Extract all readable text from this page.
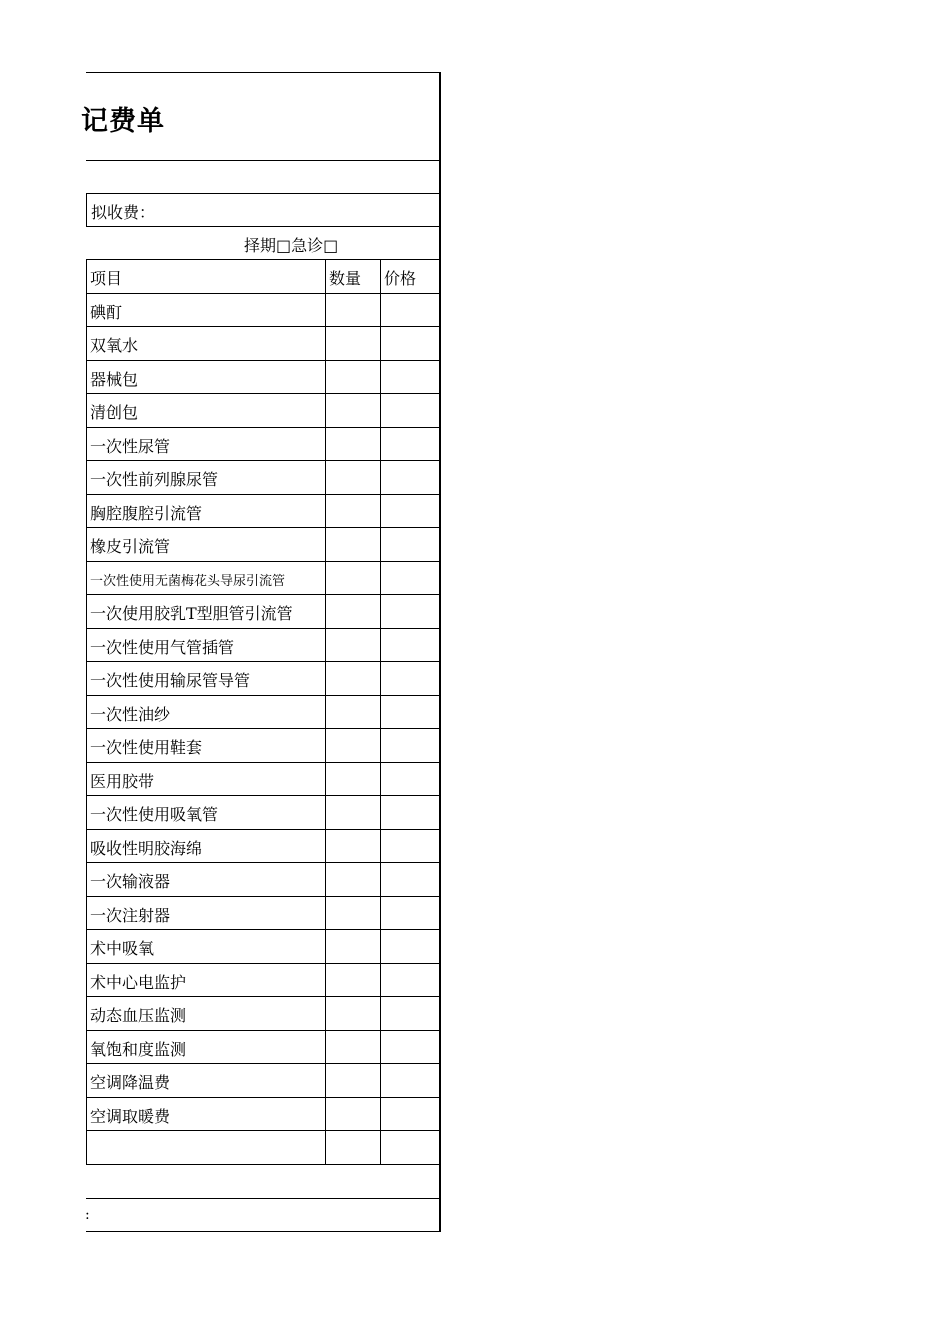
记费单
拟收费：
择期□急诊□
项目	数量 价格
碘酊
双氧水
器械包
清创包
一次性尿管
一次性前列腺尿管
胸腔腹腔引流管
橡皮引流管
一次性使用无菌梅花头导尿引流管
一次使用胶乳T型胆管引流管
一次性使用气管插管
一次性使用输尿管导管
一次性油纱
一次性使用鞋套
医用胶带
一次性使用吸氧管
吸收性明胶海绵
一次输液器
一次注射器
术中吸氧
术中心电监护
动态血压监测
氧饱和度监测
空调降温费
空调取暖费
:
